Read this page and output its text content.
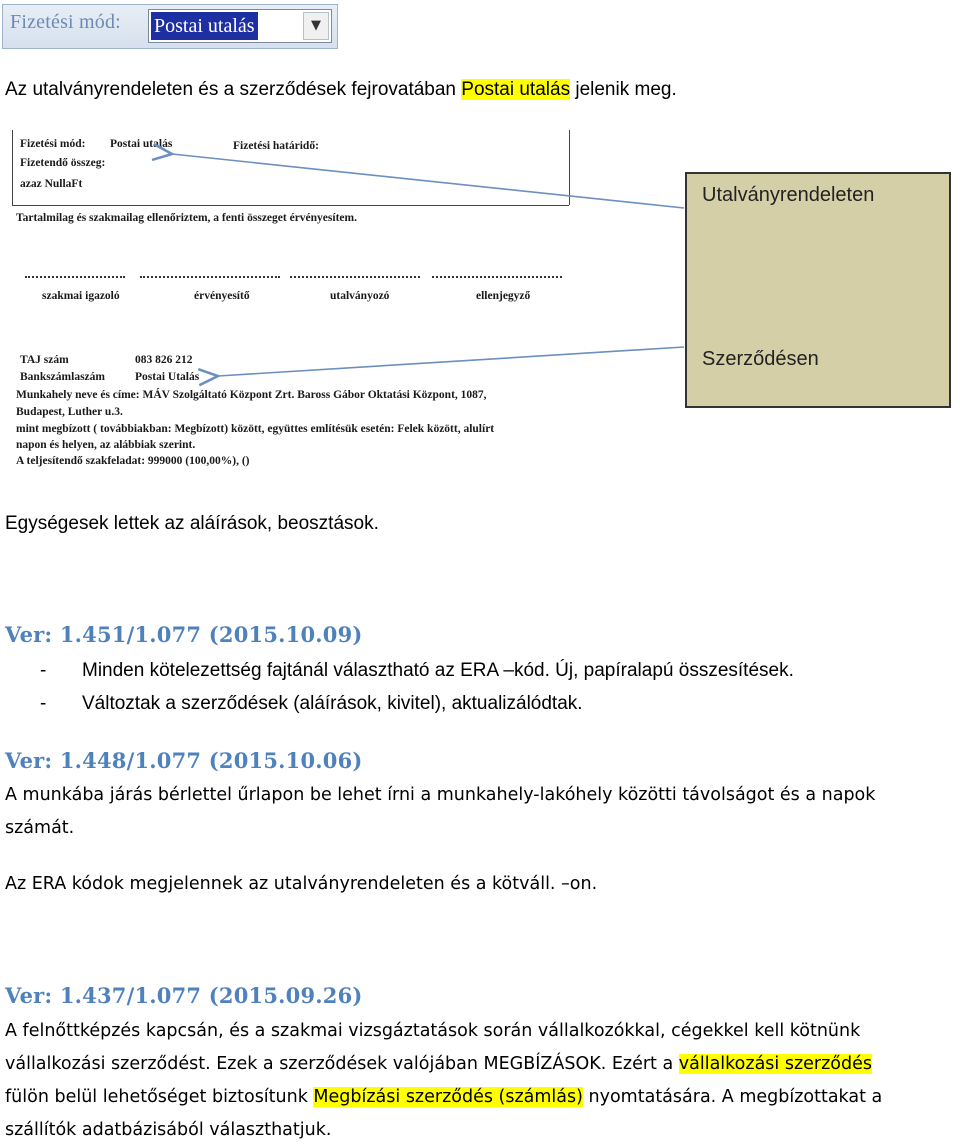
Fizetési mód: Postai utalás	▼
Az utalványrendeleten és a szerződések fejrovatában Postai utalás jelenik meg.
Fizetési mód: Postai utalás	Fizetési határidő:
Fizetendő összeg:
azaz NullaFt
Tartalmilag és szakmailag ellenőriztem, a fenti összeget érvényesítem.
szakmai igazoló	érvényesítő	utalványozó	ellenjegyző
TAJ szám	083 826 212
Bankszámlaszám	Postai Utalás
Munkahely neve és címe: MÁV Szolgáltató Központ Zrt. Baross Gábor Oktatási Központ, 1087,
Budapest, Luther u.3.
mint megbízott ( továbbiakban: Megbízott) között, együttes említésük esetén: Felek között, alulírt
napon és helyen, az alábbiak szerint.
A teljesítendő szakfeladat: 999000 (100,00%), ()
Utalványrendeleten
Szerződésen
Egységesek lettek az aláírások, beosztások.
Ver: 1.451/1.077 (2015.10.09)
- Minden kötelezettség fajtánál választható az ERA –kód. Új, papíralapú összesítések.
- Változtak a szerződések (aláírások, kivitel), aktualizálódtak.
Ver: 1.448/1.077 (2015.10.06)
A munkába járás bérlettel űrlapon be lehet írni a munkahely-lakóhely közötti távolságot és a napok
számát.
Az ERA kódok megjelennek az utalványrendeleten és a kötváll. –on.
Ver: 1.437/1.077 (2015.09.26)
A felnőttképzés kapcsán, és a szakmai vizsgáztatások során vállalkozókkal, cégekkel kell kötnünk
vállalkozási szerződést. Ezek a szerződések valójában MEGBÍZÁSOK. Ezért a vállalkozási szerződés
fülön belül lehetőséget biztosítunk Megbízási szerződés (számlás) nyomtatására. A megbízottakat a
szállítók adatbázisából választhatjuk.
